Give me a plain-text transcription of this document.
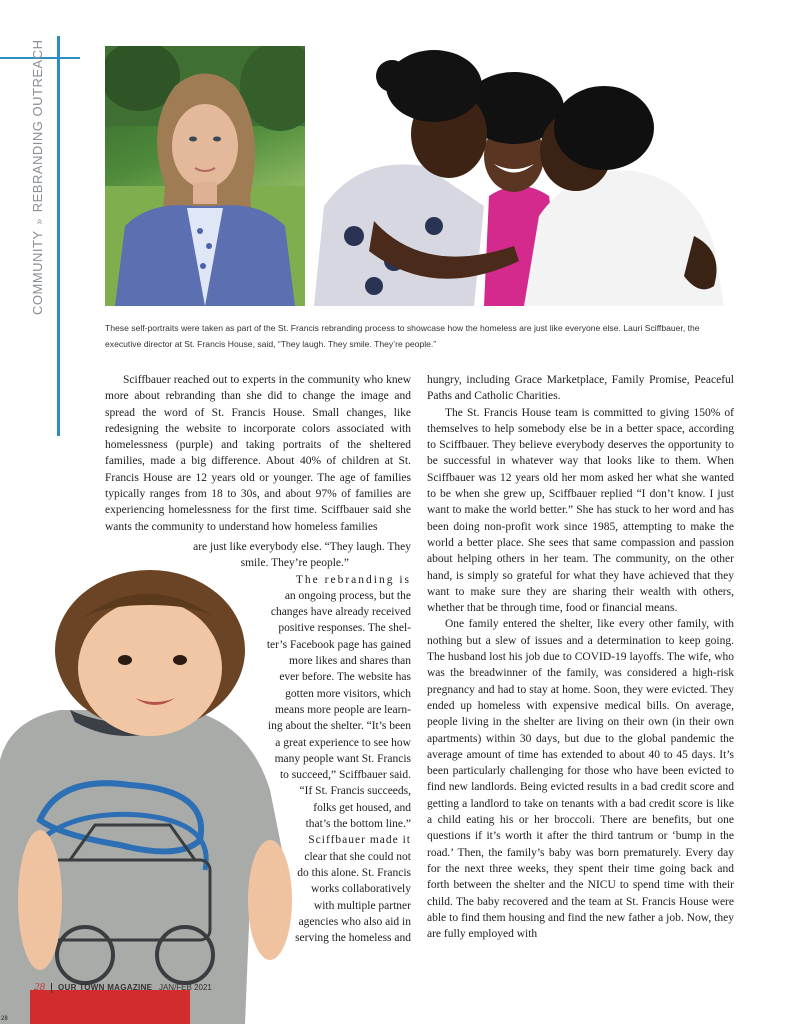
COMMUNITY»REBRANDING OUTREACH
These self-portraits were taken as part of the St. Francis rebranding process to showcase how the homeless are just like everyone else. Lauri Sciffbauer, the executive director at St. Francis House, said, “They laugh. They smile. They’re people.”

Sciffbauer reached out to experts in the community who knew more about rebranding than she did to change the image and spread the word of St. Francis House. Small changes, like redesigning the website to incorporate colors associated with homelessness (purple) and taking portraits of the sheltered families, made a big difference. About 40% of children at St. Francis House are 12 years old or younger. The age of families typically ranges from 18 to 30s, and about 97% of families are experiencing homelessness for the first time. Sciffbauer said she wants the community to understand how homeless families

are just like everybody else. “They laugh. They
smile. They’re people.”
The rebranding is
an ongoing process, but the
changes have already received
positive responses. The shel-
ter’s Facebook page has gained
more likes and shares than
ever before. The website has
gotten more visitors, which
means more people are learn-
ing about the shelter. “It’s been
a great experience to see how
many people want St. Francis
to succeed,” Sciffbauer said.
“If St. Francis succeeds,
folks get housed, and
that’s the bottom line.”
Sciffbauer made it
clear that she could not
do this alone. St. Francis
works collaboratively
with multiple partner
agencies who also aid in
serving the homeless and

hungry, including Grace Marketplace, Family Promise, Peaceful Paths and Catholic Charities.

The St. Francis House team is committed to giving 150% of themselves to help somebody else be in a better space, according to Sciffbauer. They believe everybody deserves the opportunity to be successful in whatever way that looks like to them. When Sciffbauer was 12 years old her mom asked her what she wanted to be when she grew up, Sciffbauer replied “I don’t know. I just want to make the world better.” She has stuck to her word and has been doing non-profit work since 1985, attempting to make the world a better place. She sees that same compassion and passion about helping others in her team. The community, on the other hand, is simply so grateful for what they have achieved that they want to make sure they are sharing their wealth with others, whether that be through time, food or financial means.

One family entered the shelter, like every other family, with nothing but a slew of issues and a determination to keep going. The husband lost his job due to COVID-19 layoffs. The wife, who was the breadwinner of the family, was considered a high-risk pregnancy and had to stay at home. Soon, they were evicted. They ended up homeless with expensive medical bills. On average, people living in the shelter are living on their own (in their own apartments) within 30 days, but due to the global pandemic the average amount of time has extended to about 40 to 45 days. It’s been particularly challenging for those who have been evicted to find new landlords. Being evicted results in a bad credit score and getting a landlord to take on tenants with a bad credit score is like a child eating his or her broccoli. There are benefits, but one questions if it’s worth it after the third tantrum or ‘bump in the road.’ Then, the family’s baby was born prematurely. Every day for the next three weeks, they spent their time going back and forth between the shelter and the NICU to spend time with their child. The baby recovered and the team at St. Francis House were able to find them housing and find the new father a job. Now, they are fully employed with

28 OUR TOWN MAGAZINE JAN/FEB 2021
28
